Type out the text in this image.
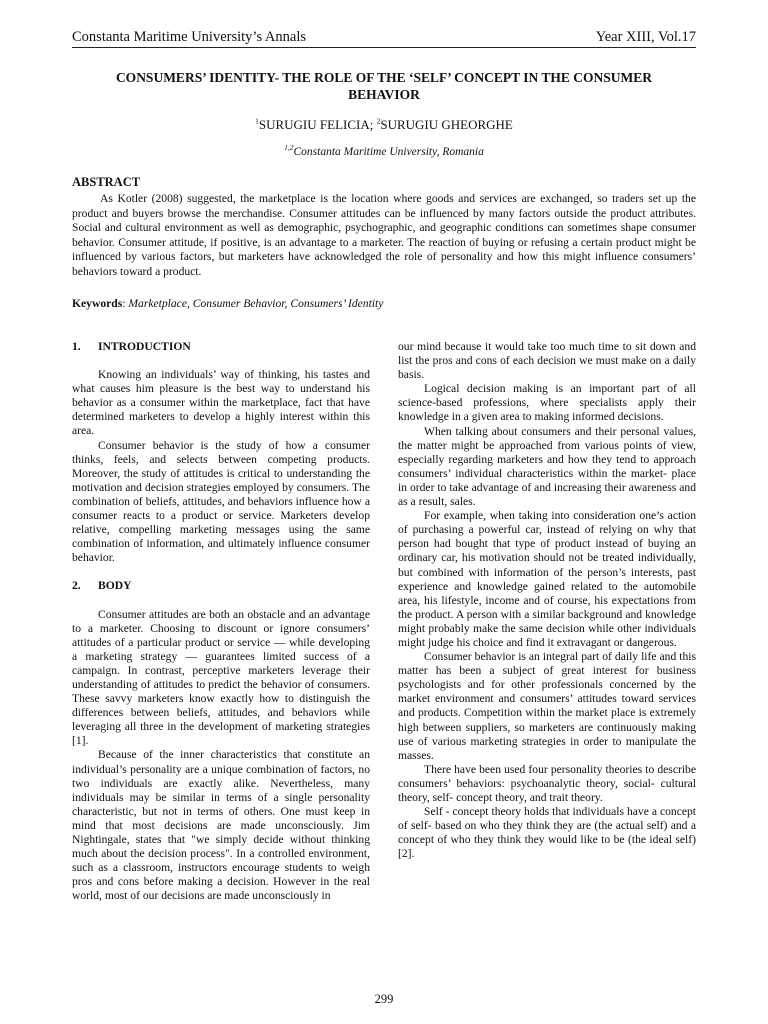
Constanta Maritime University’s Annals	Year XIII, Vol.17
CONSUMERS’ IDENTITY- THE ROLE OF THE ‘SELF’ CONCEPT IN THE CONSUMER BEHAVIOR
$^1$SURUGIU FELICIA; $^2$SURUGIU GHEORGHE
$^{1,2}$Constanta Maritime University, Romania
ABSTRACT
As Kotler (2008) suggested, the marketplace is the location where goods and services are exchanged, so traders set up the product and buyers browse the merchandise. Consumer attitudes can be influenced by many factors outside the product attributes. Social and cultural environment as well as demographic, psychographic, and geographic conditions can sometimes shape consumer behavior. Consumer attitude, if positive, is an advantage to a marketer. The reaction of buying or refusing a certain product might be influenced by various factors, but marketers have acknowledged the role of personality and how this might influence consumers’ behaviors toward a product.
Keywords: Marketplace, Consumer Behavior, Consumers’ Identity
1.	INTRODUCTION

Knowing an individuals’ way of thinking, his tastes and what causes him pleasure is the best way to understand his behavior as a consumer within the marketplace, fact that have determined marketers to develop a highly interest within this area.

Consumer behavior is the study of how a consumer thinks, feels, and selects between competing products. Moreover, the study of attitudes is critical to understanding the motivation and decision strategies employed by consumers. The combination of beliefs, attitudes, and behaviors influence how a consumer reacts to a product or service. Marketers develop relative, compelling marketing messages using the same combination of information, and ultimately influence consumer behavior.

2.	BODY

Consumer attitudes are both an obstacle and an advantage to a marketer. Choosing to discount or ignore consumers’ attitudes of a particular product or service — while developing a marketing strategy — guarantees limited success of a campaign. In contrast, perceptive marketers leverage their understanding of attitudes to predict the behavior of consumers. These savvy marketers know exactly how to distinguish the differences between beliefs, attitudes, and behaviors while leveraging all three in the development of marketing strategies [1].

Because of the inner characteristics that constitute an individual’s personality are a unique combination of factors, no two individuals are exactly alike. Nevertheless, many individuals may be similar in terms of a single personality characteristic, but not in terms of others. One must keep in mind that most decisions are made unconsciously. Jim Nightingale, states that "we simply decide without thinking much about the decision process". In a controlled environment, such as a classroom, instructors encourage students to weigh pros and cons before making a decision. However in the real world, most of our decisions are made unconsciously in

our mind because it would take too much time to sit down and list the pros and cons of each decision we must make on a daily basis.

Logical decision making is an important part of all science-based professions, where specialists apply their knowledge in a given area to making informed decisions.

When talking about consumers and their personal values, the matter might be approached from various points of view, especially regarding marketers and how they tend to approach consumers’ individual characteristics within the market- place in order to take advantage of and increasing their awareness and as a result, sales.

For example, when taking into consideration one’s action of purchasing a powerful car, instead of relying on why that person had bought that type of product instead of buying an ordinary car, his motivation should not be treated individually, but combined with information of the person’s interests, past experience and knowledge gained related to the automobile area, his lifestyle, income and of course, his expectations from the product. A person with a similar background and knowledge might probably make the same decision while other individuals might judge his choice and find it extravagant or dangerous.

Consumer behavior is an integral part of daily life and this matter has been a subject of great interest for business psychologists and for other professionals concerned by the market environment and consumers’ attitudes toward services and products. Competition within the market place is extremely high between suppliers, so marketers are continuously making use of various marketing strategies in order to manipulate the masses.

There have been used four personality theories to describe consumers’ behaviors: psychoanalytic theory, social- cultural theory, self- concept theory, and trait theory.

Self - concept theory holds that individuals have a concept of self- based on who they think they are (the actual self) and a concept of who they think they would like to be (the ideal self) [2].

299
